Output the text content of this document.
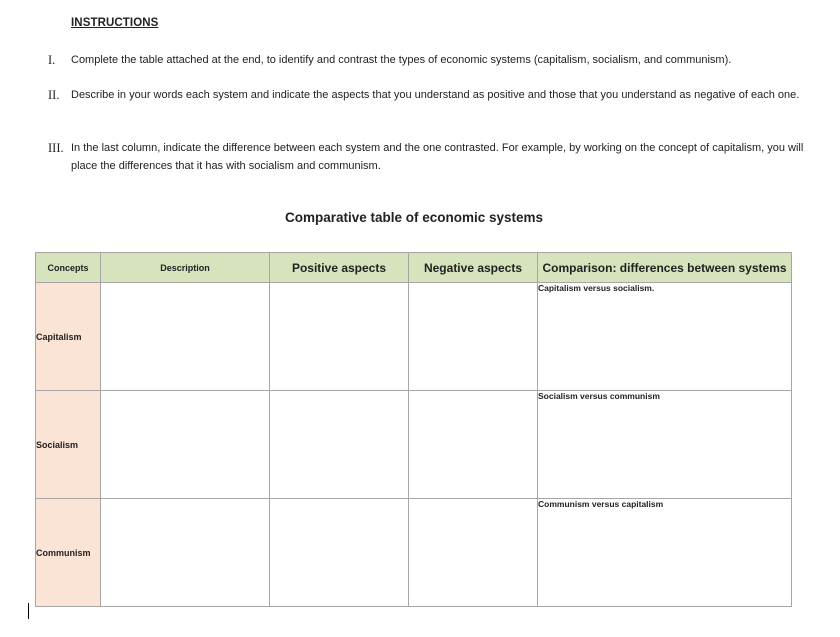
INSTRUCTIONS
I.	Complete the table attached at the end, to identify and contrast the types of economic systems (capitalism, socialism, and communism).
II.	Describe in your words each system and indicate the aspects that you understand as positive and those that you understand as negative of each one.
III. In the last column, indicate the difference between each system and the one contrasted. For example, by working on the concept of capitalism, you will place the differences that it has with socialism and communism.
Comparative table of economic systems
Concepts	Description	Positive aspects	Negative aspects	Comparison: differences between systems
Capitalism				Capitalism versus socialism.
Socialism				Socialism versus communism
Communism				Communism versus capitalism
